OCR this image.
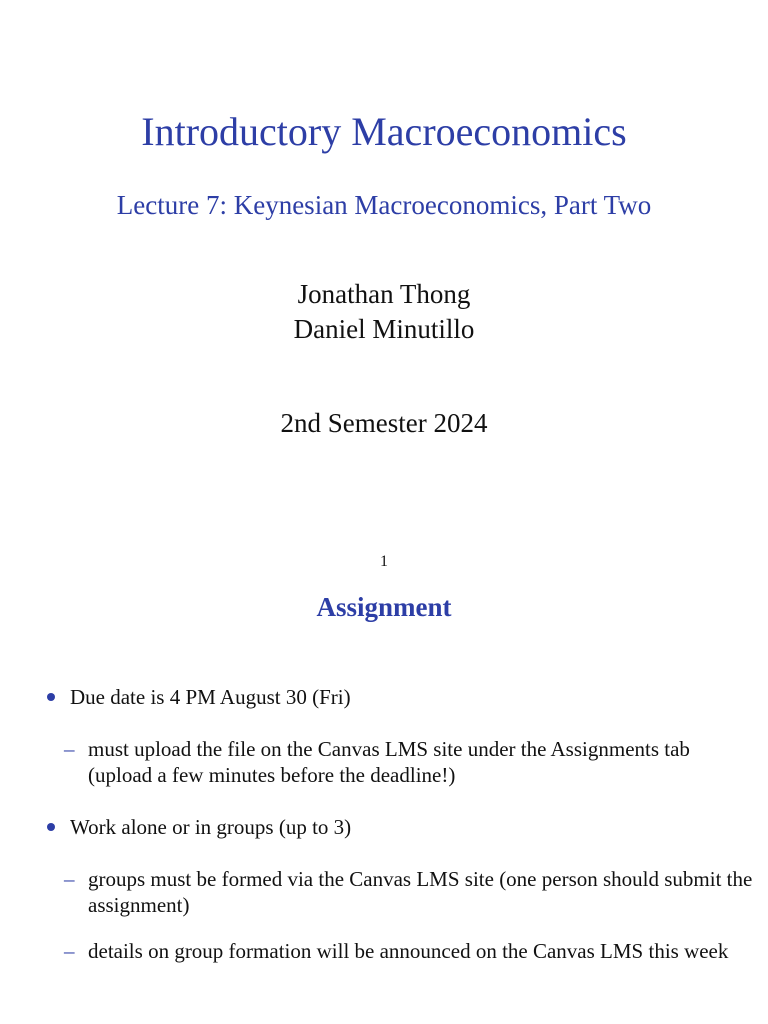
Introductory Macroeconomics
Lecture 7: Keynesian Macroeconomics, Part Two
Jonathan Thong
Daniel Minutillo
2nd Semester 2024
1
Assignment
Due date is 4 PM August 30 (Fri)
– must upload the file on the Canvas LMS site under the Assignments tab (upload a few minutes before the deadline!)
Work alone or in groups (up to 3)
– groups must be formed via the Canvas LMS site (one person should submit the assignment)
– details on group formation will be announced on the Canvas LMS this week
